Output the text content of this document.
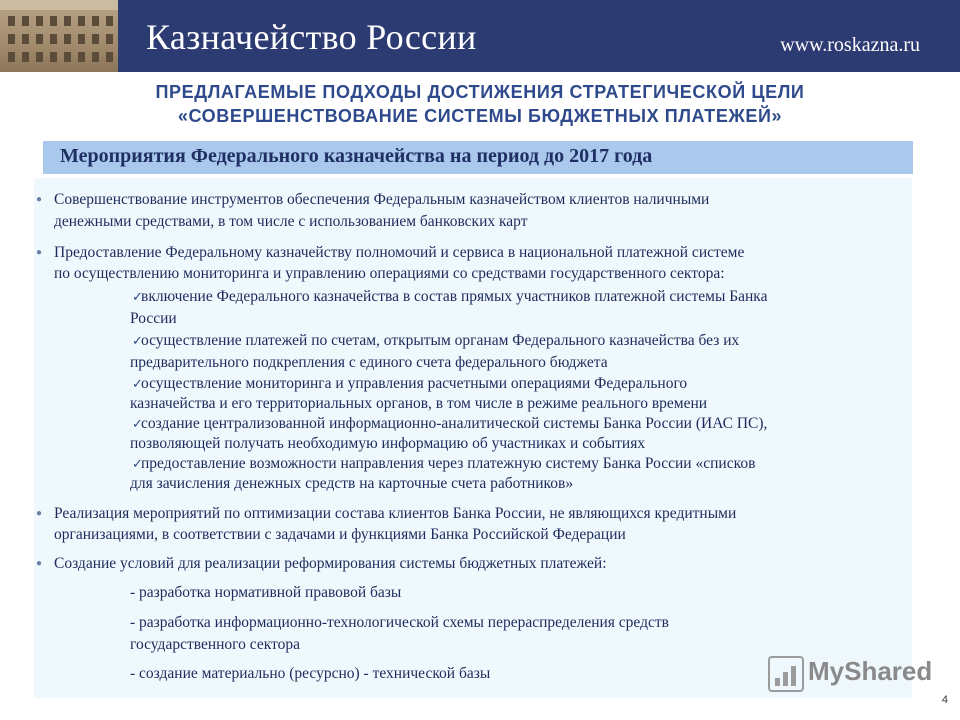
Казначейство России	www.roskazna.ru
ПРЕДЛАГАЕМЫЕ ПОДХОДЫ ДОСТИЖЕНИЯ СТРАТЕГИЧЕСКОЙ ЦЕЛИ
«СОВЕРШЕНСТВОВАНИЕ СИСТЕМЫ БЮДЖЕТНЫХ ПЛАТЕЖЕЙ»
Мероприятия Федерального казначейства на период до 2017 года
● Совершенствование инструментов обеспечения Федеральным казначейством клиентов наличными
денежными средствами, в том числе с использованием банковских карт
● Предоставление Федеральному казначейству полномочий и сервиса в национальной платежной системе
по осуществлению мониторинга и управлению операциями со средствами государственного сектора:
✓
включение Федерального казначейства в состав прямых участников платежной системы Банка
России
✓
осуществление платежей по счетам, открытым органам Федерального казначейства без их
предварительного подкрепления с единого счета федерального бюджета
✓
осуществление мониторинга и управления расчетными операциями Федерального
казначейства и его территориальных органов, в том числе в режиме реального времени
✓
создание централизованной информационно-аналитической системы Банка России (ИАС ПС),
позволяющей получать необходимую информацию об участниках и событиях
✓
предоставление возможности направления через платежную систему Банка России «списков
для зачисления денежных средств на карточные счета работников»
● Реализация мероприятий по оптимизации состава клиентов Банка России, не являющихся кредитными
организациями, в соответствии с задачами и функциями Банка Российской Федерации
● Создание условий для реализации реформирования системы бюджетных платежей:
- разработка нормативной правовой базы
- разработка информационно-технологической схемы перераспределения средств
государственного сектора
- создание материально (ресурсно) - технической базы	MyShared
4
